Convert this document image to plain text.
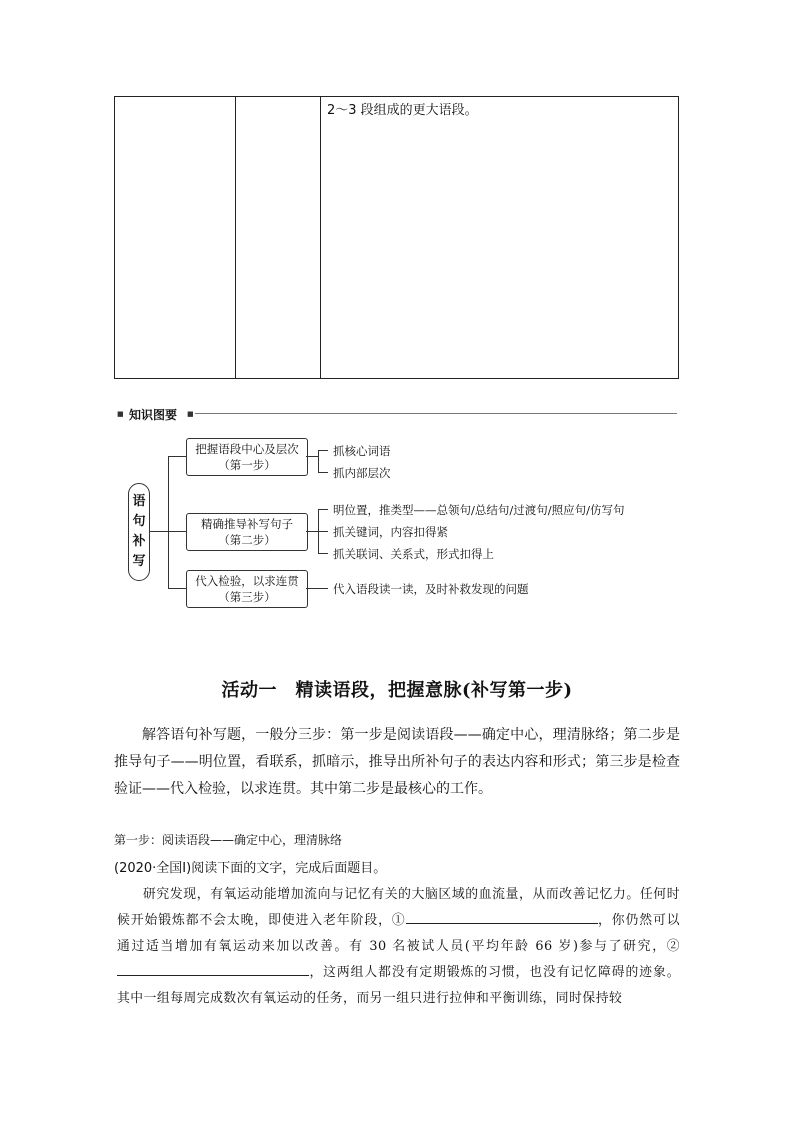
2～3 段组成的更大语段。
■ 知识图要 ■
语
句
补
写
把握语段中心及层次
（第一步）
抓核心词语
抓内部层次
精确推导补写句子
（第二步）
明位置，推类型——总领句/总结句/过渡句/照应句/仿写句
抓关键词，内容扣得紧
抓关联词、关系式，形式扣得上
代入检验，以求连贯
（第三步）
代入语段读一读，及时补救发现的问题
活动一　精读语段，把握意脉(补写第一步)
解答语句补写题，一般分三步：第一步是阅读语段——确定中心，理清脉络；第二步是推导句子——明位置，看联系，抓暗示，推导出所补句子的表达内容和形式；第三步是检查验证——代入检验，以求连贯。其中第二步是最核心的工作。
第一步：阅读语段——确定中心，理清脉络
(2020·全国Ⅰ)阅读下面的文字，完成后面题目。

研究发现，有氧运动能增加流向与记忆有关的大脑区域的血流量，从而改善记忆力。任何时候开始锻炼都不会太晚，即使进入老年阶段，①	，你仍然可以通过适当增加有氧运动来加以改善。有 30 名被试人员(平均年龄 66 岁)参与了研究，②，这两组人都没有定期锻炼的习惯，也没有记忆障碍的迹象。其中一组每周完成数次有氧运动的任务，而另一组只进行拉伸和平衡训练，同时保持较
